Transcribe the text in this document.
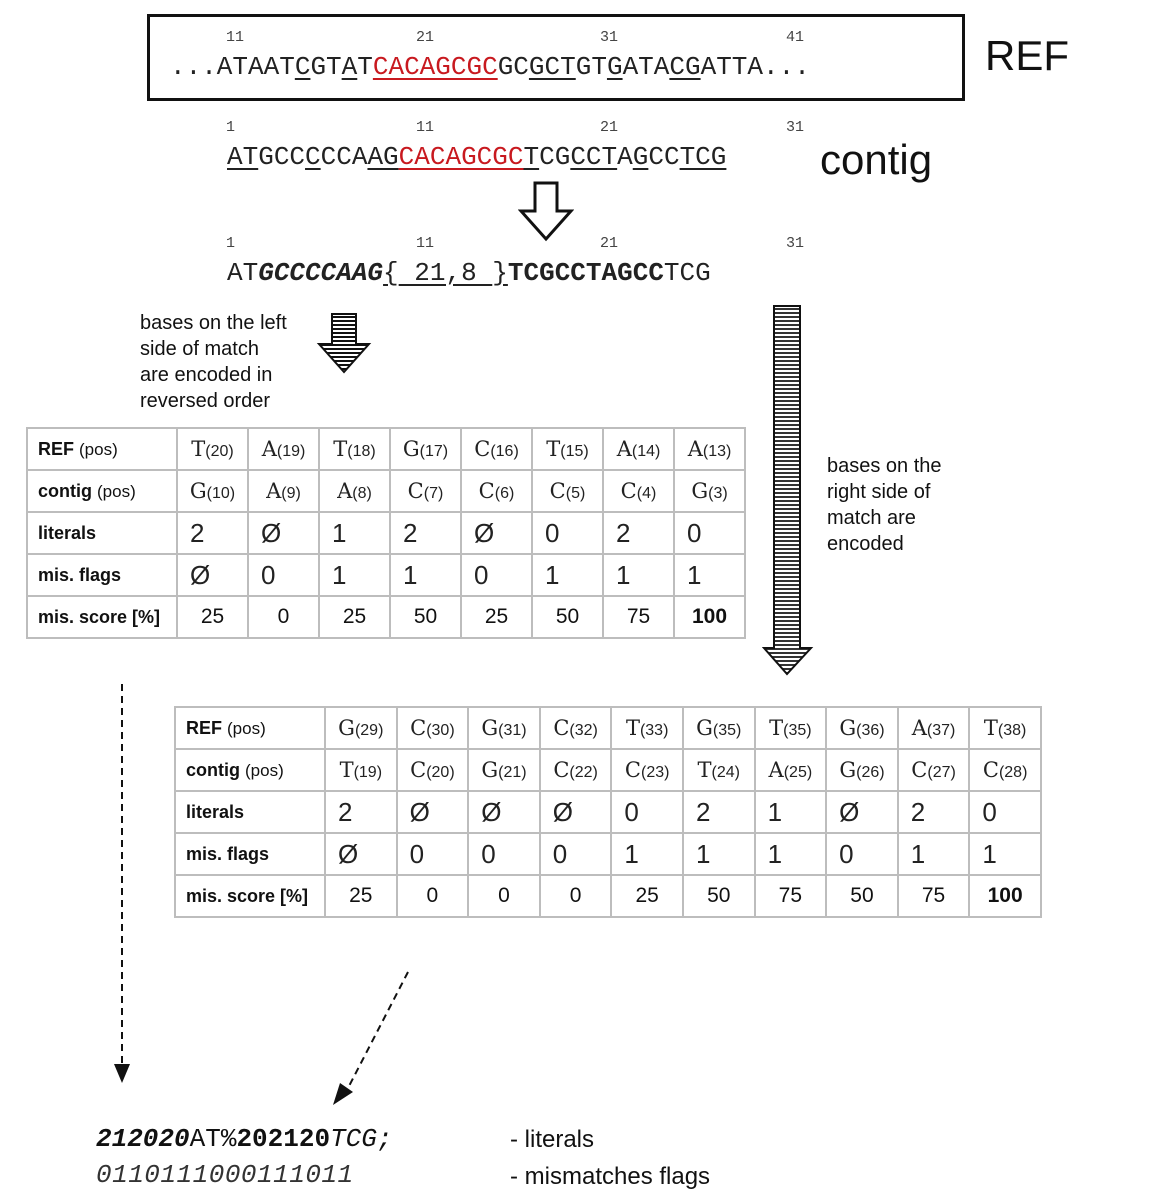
11	21	31	41
...ATAATCGTATCACAGCGCGCGCTGTGATACGATTA...	REF
1	11	21	31
ATGCCCCCAAGCACAGCGCTCGCCTAGCCTCG contig
1	11	21	31
ATGCCCCAAG{ 21,8 }TCGCCTAGCCTCG
bases on the left
side of match
are encoded in
reversed order
bases on the
right side of
match are
encoded
REF (pos)	T(20)	A(19)	T(18)	G(17)	C(16)	T(15)	A(14)	A(13)
contig (pos)	G(10)	A(9)	A(8)	C(7)	C(6)	C(5)	C(4)	G(3)
literals	2	Ø	1	2	Ø	0	2	0
mis. flags	Ø	0	1	1	0	1	1	1
mis. score [%]	25	0	25	50	25	50	75	100
REF (pos)	G(29)	C(30)	G(31)	C(32)	T(33)	G(35)	T(35)	G(36)	A(37)	T(38)
contig (pos)	T(19)	C(20)	G(21)	C(22)	C(23)	T(24)	A(25)	G(26)	C(27)	C(28)
literals	2	Ø	Ø	Ø	0	2	1	Ø	2	0
mis. flags	Ø	0	0	0	1	1	1	0	1	1
mis. score [%]	25	0	0	0	25	50	75	50	75	100
212020AT%202120TCG;
0110111000111011
- literals
- mismatches flags
